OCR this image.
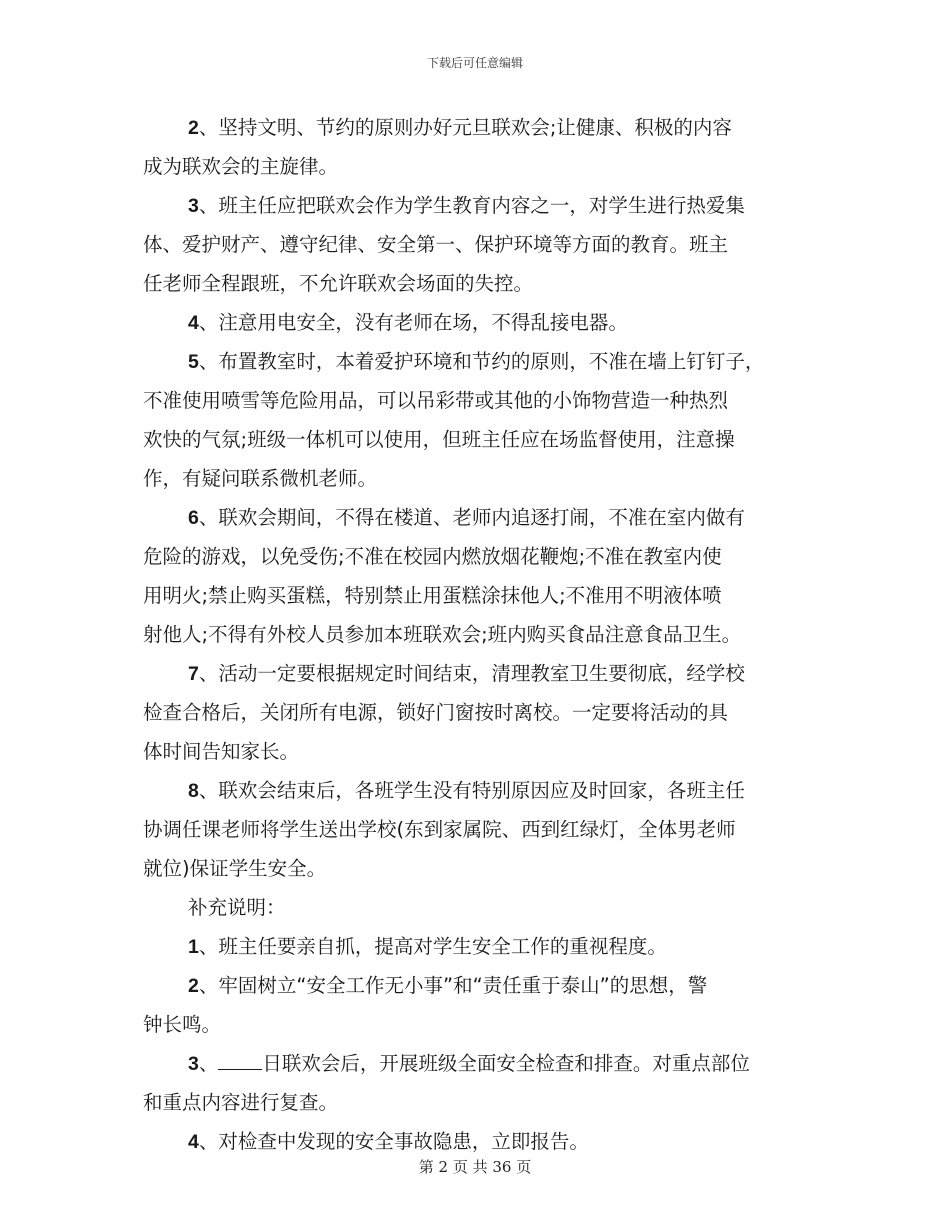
下载后可任意编辑
2、坚持文明、节约的原则办好元旦联欢会;让健康、积极的内容
成为联欢会的主旋律。
3、班主任应把联欢会作为学生教育内容之一，对学生进行热爱集
体、爱护财产、遵守纪律、安全第一、保护环境等方面的教育。班主
任老师全程跟班，不允许联欢会场面的失控。
4、注意用电安全，没有老师在场，不得乱接电器。
5、布置教室时，本着爱护环境和节约的原则，不准在墙上钉钉子，
不准使用喷雪等危险用品，可以吊彩带或其他的小饰物营造一种热烈
欢快的气氛;班级一体机可以使用，但班主任应在场监督使用，注意操
作，有疑问联系微机老师。
6、联欢会期间，不得在楼道、老师内追逐打闹，不准在室内做有
危险的游戏，以免受伤;不准在校园内燃放烟花鞭炮;不准在教室内使
用明火;禁止购买蛋糕，特别禁止用蛋糕涂抹他人;不准用不明液体喷
射他人;不得有外校人员参加本班联欢会;班内购买食品注意食品卫生。
7、活动一定要根据规定时间结束，清理教室卫生要彻底，经学校
检查合格后，关闭所有电源，锁好门窗按时离校。一定要将活动的具
体时间告知家长。
8、联欢会结束后，各班学生没有特别原因应及时回家，各班主任
协调任课老师将学生送出学校(东到家属院、西到红绿灯，全体男老师
就位)保证学生安全。
补充说明：
1、班主任要亲自抓，提高对学生安全工作的重视程度。
2、牢固树立“安全工作无小事”和“责任重于泰山”的思想，警
钟长鸣。
3、 日联欢会后，开展班级全面安全检查和排查。对重点部位
和重点内容进行复查。
4、对检查中发现的安全事故隐患，立即报告。
第 2 页 共 36 页
